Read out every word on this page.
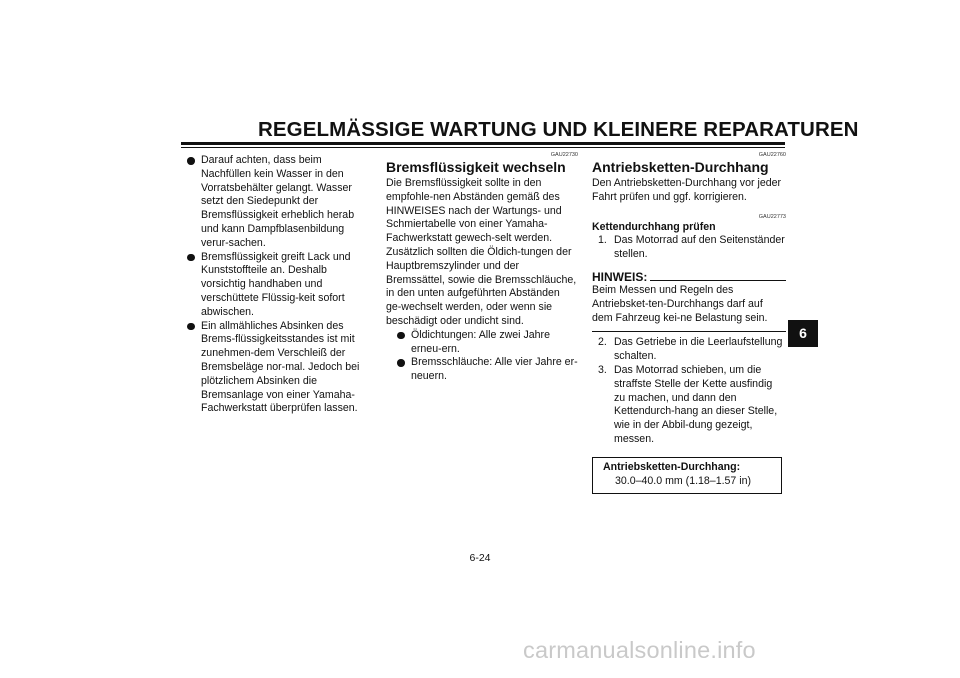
REGELMÄSSIGE WARTUNG UND KLEINERE REPARATUREN
Darauf achten, dass beim Nachfüllen kein Wasser in den Vorratsbehälter gelangt. Wasser setzt den Siedepunkt der Bremsflüssigkeit erheblich herab und kann Dampfblasenbildung verur-sachen.
Bremsflüssigkeit greift Lack und Kunststoffteile an. Deshalb vorsichtig handhaben und verschüttete Flüssig-keit sofort abwischen.
Ein allmähliches Absinken des Brems-flüssigkeitsstandes ist mit zunehmen-dem Verschleiß der Bremsbeläge nor-mal. Jedoch bei plötzlichem Absinken die Bremsanlage von einer Yamaha-Fachwerkstatt überprüfen lassen.
GAU22730
Bremsflüssigkeit wechseln

Die Bremsflüssigkeit sollte in den empfohle-nen Abständen gemäß des HINWEISES nach der Wartungs- und Schmiertabelle von einer Yamaha-Fachwerkstatt gewech-selt werden. Zusätzlich sollten die Öldich-tungen der Hauptbremszylinder und der Bremssättel, sowie die Bremsschläuche, in den unten aufgeführten Abständen ge-wechselt werden, oder wenn sie beschädigt oder undicht sind.

Öldichtungen: Alle zwei Jahre erneu-ern.
Bremsschläuche: Alle vier Jahre er-neuern.
GAU22760
Antriebsketten-Durchhang

Den Antriebsketten-Durchhang vor jeder Fahrt prüfen und ggf. korrigieren.

GAU22773

Kettendurchhang prüfen

1. Das Motorrad auf den Seitenständer stellen.
HINWEIS:

Beim Messen und Regeln des Antriebsket-ten-Durchhangs darf auf dem Fahrzeug kei-ne Belastung sein.

2. Das Getriebe in die Leerlaufstellung schalten.
3. Das Motorrad schieben, um die straffste Stelle der Kette ausfindig zu machen, und dann den Kettendurch-hang an dieser Stelle, wie in der Abbil-dung gezeigt, messen.
Antriebsketten-Durchhang:
30.0–40.0 mm (1.18–1.57 in)
6
6-24
carmanualsonline.info
